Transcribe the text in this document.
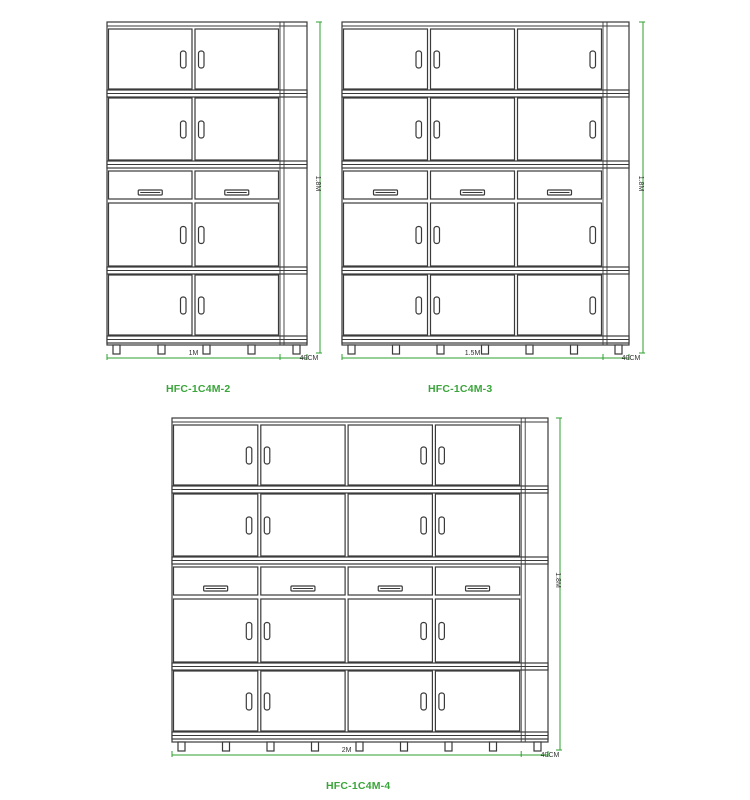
1M
40CM
1.8M
1.5M
40CM
1.8M
2M
40CM
1.8M
HFC-1C4M-2	HFC-1C4M-3
HFC-1C4M-4
